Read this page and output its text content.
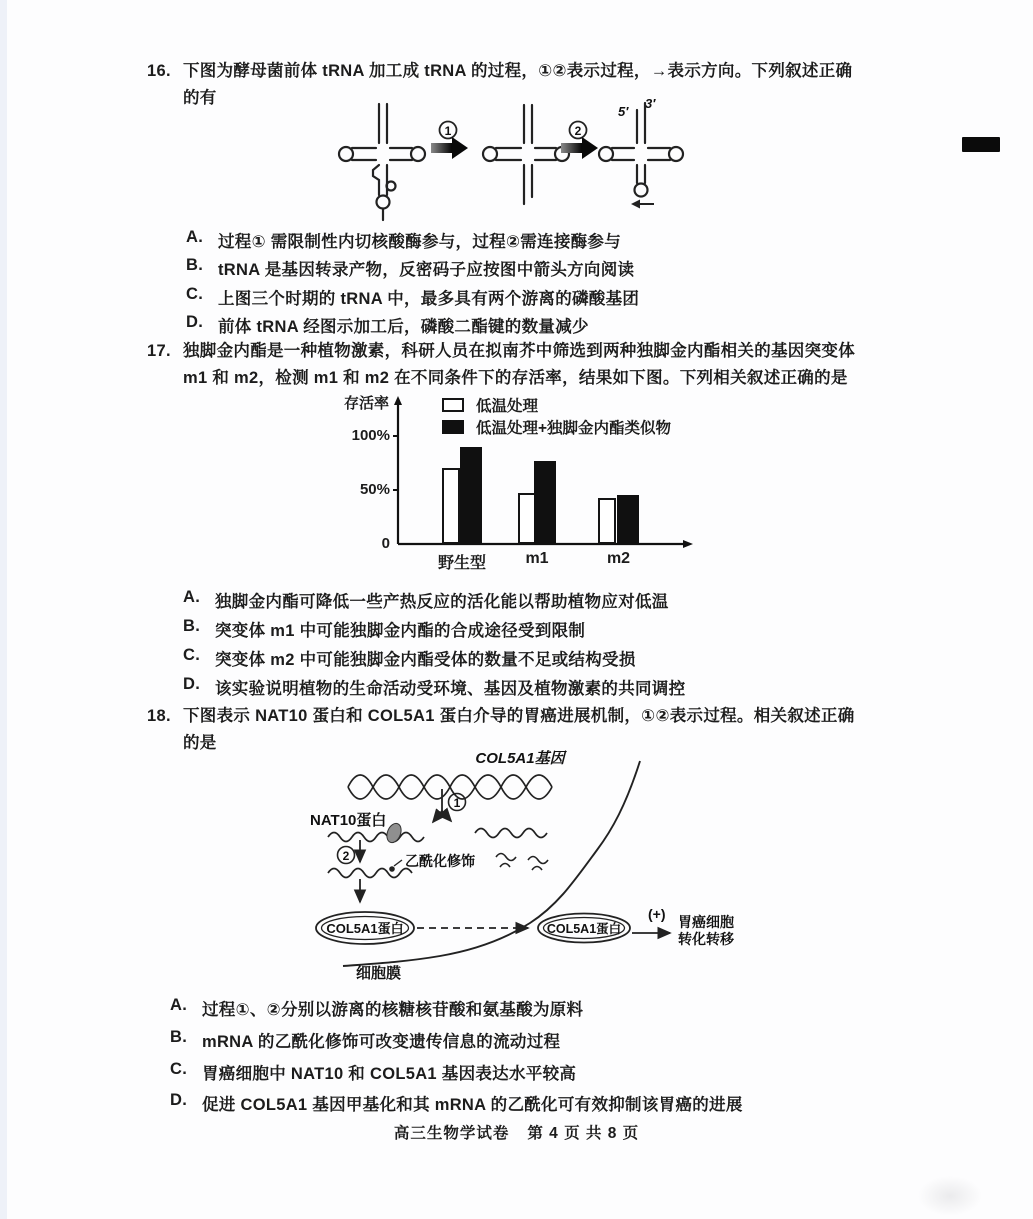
16. 下图为酵母菌前体 tRNA 加工成 tRNA 的过程，①②表示过程，→表示方向。下列叙述正确
的有
1	2
5′
3′
A. 过程① 需限制性内切核酸酶参与，过程②需连接酶参与
B. tRNA 是基因转录产物，反密码子应按图中箭头方向阅读
C. 上图三个时期的 tRNA 中，最多具有两个游离的磷酸基团
D. 前体 tRNA 经图示加工后，磷酸二酯键的数量减少
17. 独脚金内酯是一种植物激素，科研人员在拟南芥中筛选到两种独脚金内酯相关的基因突变体
m1 和 m2，检测 m1 和 m2 在不同条件下的存活率，结果如下图。下列相关叙述正确的是
存活率	低温处理
低温处理+独脚金内酯类似物
野生型	m1	m2
0
50%
100%
A. 独脚金内酯可降低一些产热反应的活化能以帮助植物应对低温
B. 突变体 m1 中可能独脚金内酯的合成途径受到限制
C. 突变体 m2 中可能独脚金内酯受体的数量不足或结构受损
D. 该实验说明植物的生命活动受环境、基因及植物激素的共同调控
18. 下图表示 NAT10 蛋白和 COL5A1 蛋白介导的胃癌进展机制，①②表示过程。相关叙述正确
的是
COL5A1基因
NAT10蛋白
1
2	乙酰化修饰
COL5A1蛋白	COL5A1蛋白
(+) 胃癌细胞
转化转移
细胞膜
A. 过程①、②分别以游离的核糖核苷酸和氨基酸为原料
B. mRNA 的乙酰化修饰可改变遗传信息的流动过程
C. 胃癌细胞中 NAT10 和 COL5A1 基因表达水平较高
D. 促进 COL5A1 基因甲基化和其 mRNA 的乙酰化可有效抑制该胃癌的进展
高三生物学试卷 第 4 页 共 8 页
